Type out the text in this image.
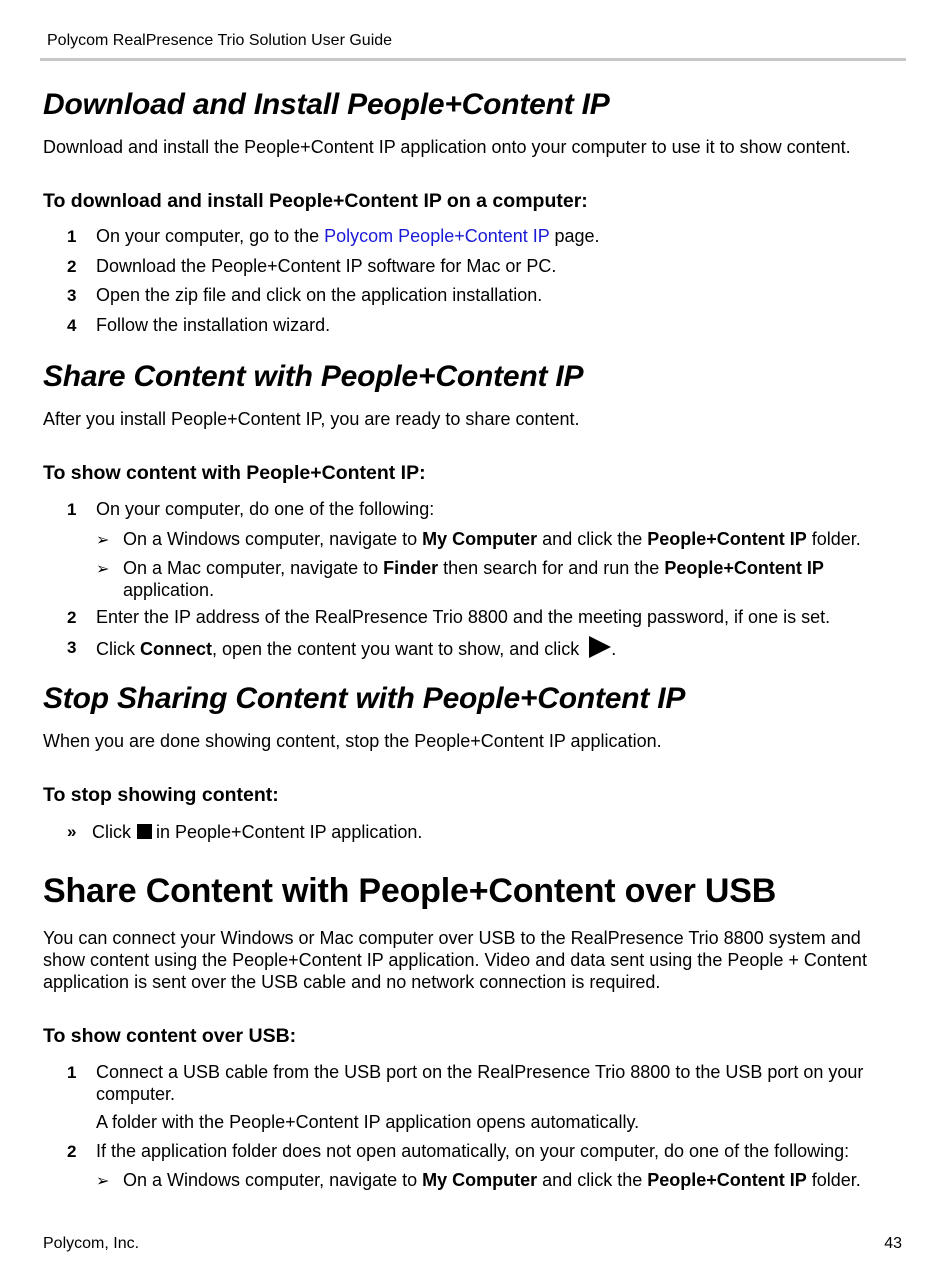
Polycom RealPresence Trio Solution User Guide
Download and Install People+Content IP

Download and install the People+Content IP application onto your computer to use it to show content.

To download and install People+Content IP on a computer:
1 On your computer, go to the Polycom People+Content IP page.
2 Download the People+Content IP software for Mac or PC.
3 Open the zip file and click on the application installation.
4 Follow the installation wizard.
Share Content with People+Content IP

After you install People+Content IP, you are ready to share content.

To show content with People+Content IP:
1 On your computer, do one of the following:
➢ On a Windows computer, navigate to My Computer and click the People+Content IP folder.
➢ On a Mac computer, navigate to Finder then search for and run the People+Content IP
application.
2 Enter the IP address of the RealPresence Trio 8800 and the meeting password, if one is set.
3 Click Connect, open the content you want to show, and click .
Stop Sharing Content with People+Content IP

When you are done showing content, stop the People+Content IP application.

To stop showing content:
» Click in People+Content IP application.
Share Content with People+Content over USB

You can connect your Windows or Mac computer over USB to the RealPresence Trio 8800 system and show content using the People+Content IP application. Video and data sent using the People + Content application is sent over the USB cable and no network connection is required.

To show content over USB:
1 Connect a USB cable from the USB port on the RealPresence Trio 8800 to the USB port on your computer.
A folder with the People+Content IP application opens automatically.
2 If the application folder does not open automatically, on your computer, do one of the following:
➢ On a Windows computer, navigate to My Computer and click the People+Content IP folder.
Polycom, Inc.	43
